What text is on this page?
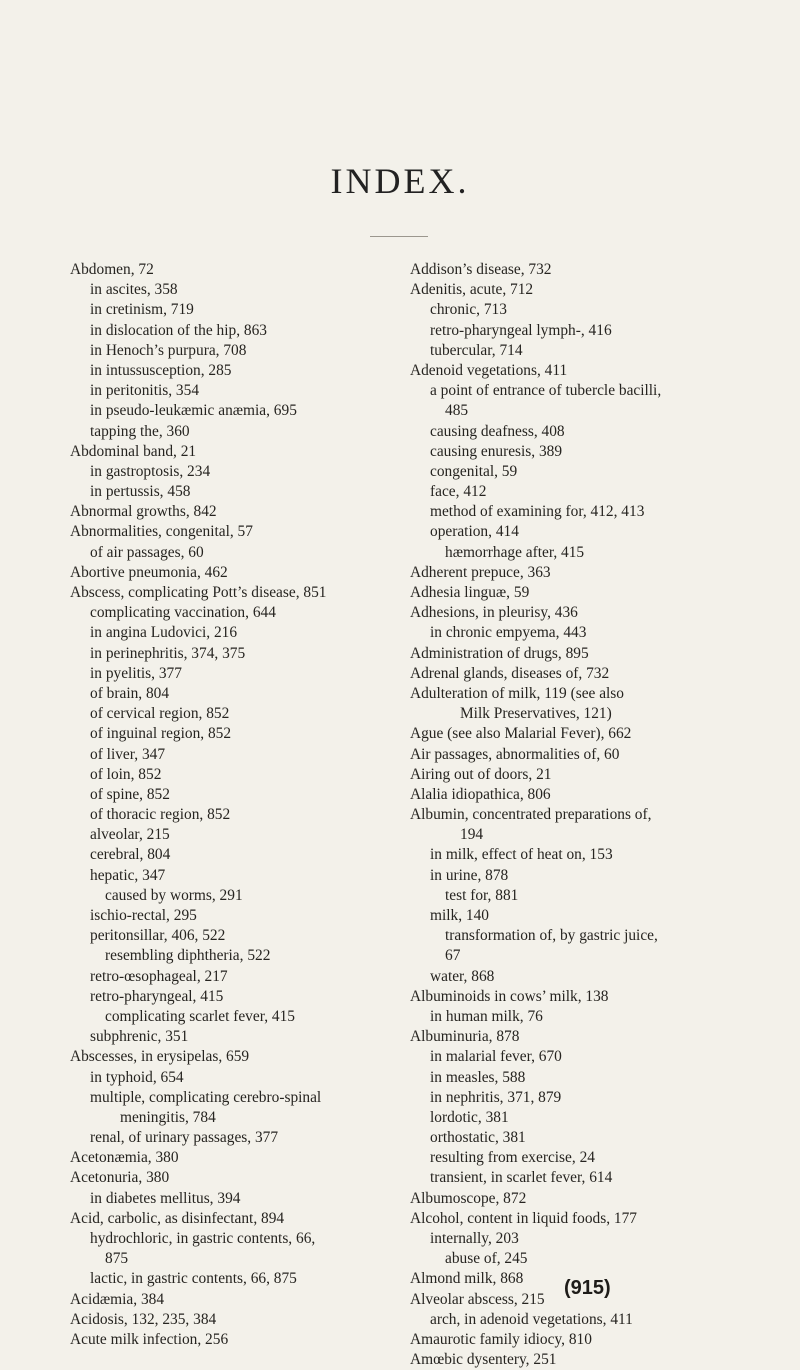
INDEX.
Abdomen, 72
in ascites, 358
in cretinism, 719
in dislocation of the hip, 863
in Henoch’s purpura, 708
in intussusception, 285
in peritonitis, 354
in pseudo-leukæmic anæmia, 695
tapping the, 360
Abdominal band, 21
in gastroptosis, 234
in pertussis, 458
Abnormal growths, 842
Abnormalities, congenital, 57
of air passages, 60
Abortive pneumonia, 462
Abscess, complicating Pott’s disease, 851
complicating vaccination, 644
in angina Ludovici, 216
in perinephritis, 374, 375
in pyelitis, 377
of brain, 804
of cervical region, 852
of inguinal region, 852
of liver, 347
of loin, 852
of spine, 852
of thoracic region, 852
alveolar, 215
cerebral, 804
hepatic, 347
caused by worms, 291
ischio-rectal, 295
peritonsillar, 406, 522
resembling diphtheria, 522
retro-œsophageal, 217
retro-pharyngeal, 415
complicating scarlet fever, 415
subphrenic, 351
Abscesses, in erysipelas, 659
in typhoid, 654
multiple, complicating cerebro-spinal
meningitis, 784
renal, of urinary passages, 377
Acetonæmia, 380
Acetonuria, 380
in diabetes mellitus, 394
Acid, carbolic, as disinfectant, 894
hydrochloric, in gastric contents, 66,
875
lactic, in gastric contents, 66, 875
Acidæmia, 384
Acidosis, 132, 235, 384
Acute milk infection, 256
Addison’s disease, 732
Adenitis, acute, 712
chronic, 713
retro-pharyngeal lymph-, 416
tubercular, 714
Adenoid vegetations, 411
a point of entrance of tubercle bacilli,
485
causing deafness, 408
causing enuresis, 389
congenital, 59
face, 412
method of examining for, 412, 413
operation, 414
hæmorrhage after, 415
Adherent prepuce, 363
Adhesia linguæ, 59
Adhesions, in pleurisy, 436
in chronic empyema, 443
Administration of drugs, 895
Adrenal glands, diseases of, 732
Adulteration of milk, 119 (see also
Milk Preservatives, 121)
Ague (see also Malarial Fever), 662
Air passages, abnormalities of, 60
Airing out of doors, 21
Alalia idiopathica, 806
Albumin, concentrated preparations of,
194
in milk, effect of heat on, 153
in urine, 878
test for, 881
milk, 140
transformation of, by gastric juice,
67
water, 868
Albuminoids in cows’ milk, 138
in human milk, 76
Albuminuria, 878
in malarial fever, 670
in measles, 588
in nephritis, 371, 879
lordotic, 381
orthostatic, 381
resulting from exercise, 24
transient, in scarlet fever, 614
Albumoscope, 872
Alcohol, content in liquid foods, 177
internally, 203
abuse of, 245
Almond milk, 868
Alveolar abscess, 215
arch, in adenoid vegetations, 411
Amaurotic family idiocy, 810
Amœbic dysentery, 251
(915)
